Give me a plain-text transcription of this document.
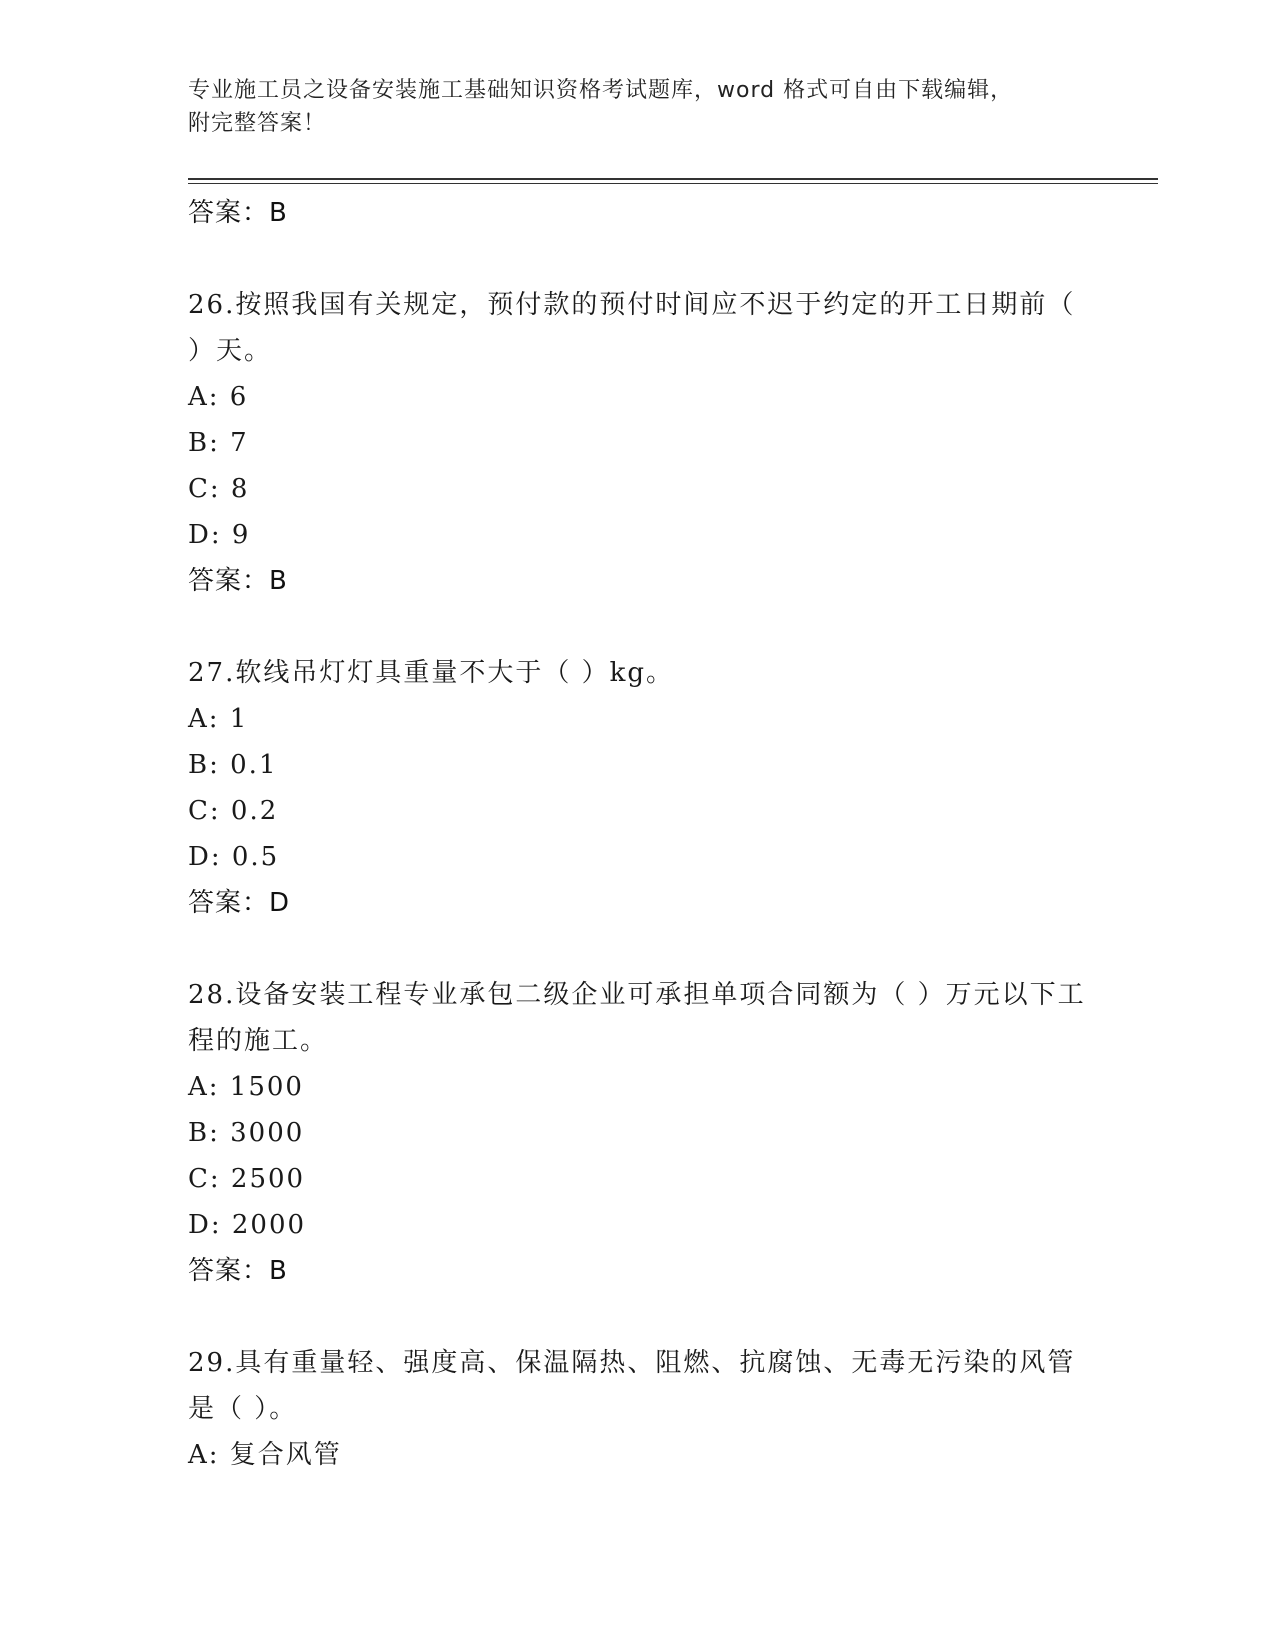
专业施工员之设备安装施工基础知识资格考试题库，word 格式可自由下载编辑，
附完整答案！
答案：B
26.按照我国有关规定，预付款的预付时间应不迟于约定的开工日期前（ ）天。
A: 6
B: 7
C: 8
D: 9
答案：B
27.软线吊灯灯具重量不大于（ ）kg。
A: 1
B: 0.1
C: 0.2
D: 0.5
答案：D
28.设备安装工程专业承包二级企业可承担单项合同额为（ ）万元以下工程的施工。
A: 1500
B: 3000
C: 2500
D: 2000
答案：B
29.具有重量轻、强度高、保温隔热、阻燃、抗腐蚀、无毒无污染的风管是（ ）。
A: 复合风管
